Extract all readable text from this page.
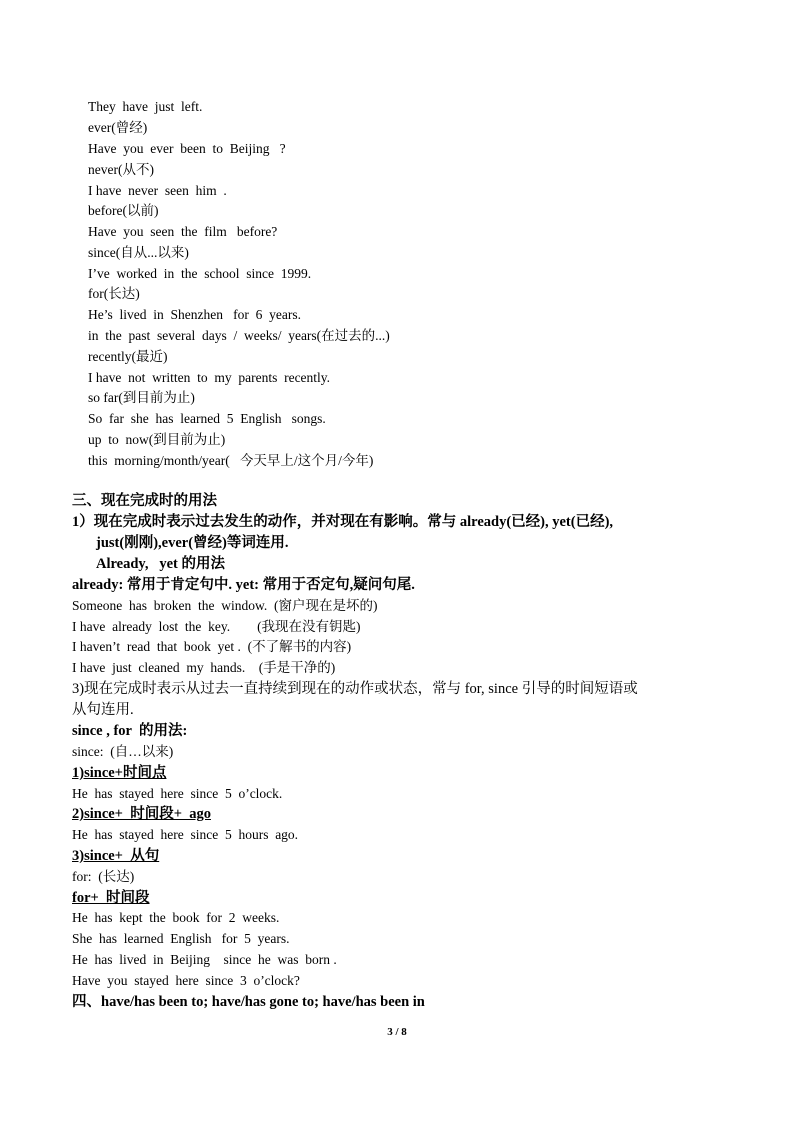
They  have  just  left.
ever(曾经)
Have  you  ever  been  to  Beijing   ?
never(从不)
I have  never  seen  him  .
before(以前)
Have  you  seen  the  film   before?
since(自从...以来)
I’ve  worked  in  the  school  since  1999.
for(长达)
He’s  lived  in  Shenzhen   for  6  years.
in  the  past  several  days  /  weeks/  years(在过去的...)
recently(最近)
I have  not  written  to  my  parents  recently.
so far(到目前为止)
So  far  she  has  learned  5  English   songs.
up  to  now(到目前为止)
this  morning/month/year(   今天早上/这个月/今年)
三、现在完成时的用法
1）现在完成时表示过去发生的动作，并对现在有影响。常与 already(已经), yet(已经),
just(刚刚),ever(曾经)等词连用.
Already,   yet 的用法
already: 常用于肯定句中. yet: 常用于否定句,疑问句尾.
Someone  has  broken  the  window.  (窗户现在是坏的)
I have  already  lost  the  key.        (我现在没有钥匙)
I haven’t  read  that  book  yet .  (不了解书的内容)
I have  just  cleaned  my  hands.    (手是干净的)
3)现在完成时表示从过去一直持续到现在的动作或状态，常与 for, since 引导的时间短语或
从句连用.
since , for  的用法:
since:  (自…以来)
1)since+时间点
He  has  stayed  here  since  5  o’clock.
2)since+  时间段+  ago
He  has  stayed  here  since  5  hours  ago.
3)since+  从句
for:  (长达)
for+  时间段
He  has  kept  the  book  for  2  weeks.
She  has  learned  English   for  5  years.
He  has  lived  in  Beijing    since  he  was  born .
Have  you  stayed  here  since  3  o’clock?
四、have/has been to; have/has gone to; have/has been in
3 / 8
